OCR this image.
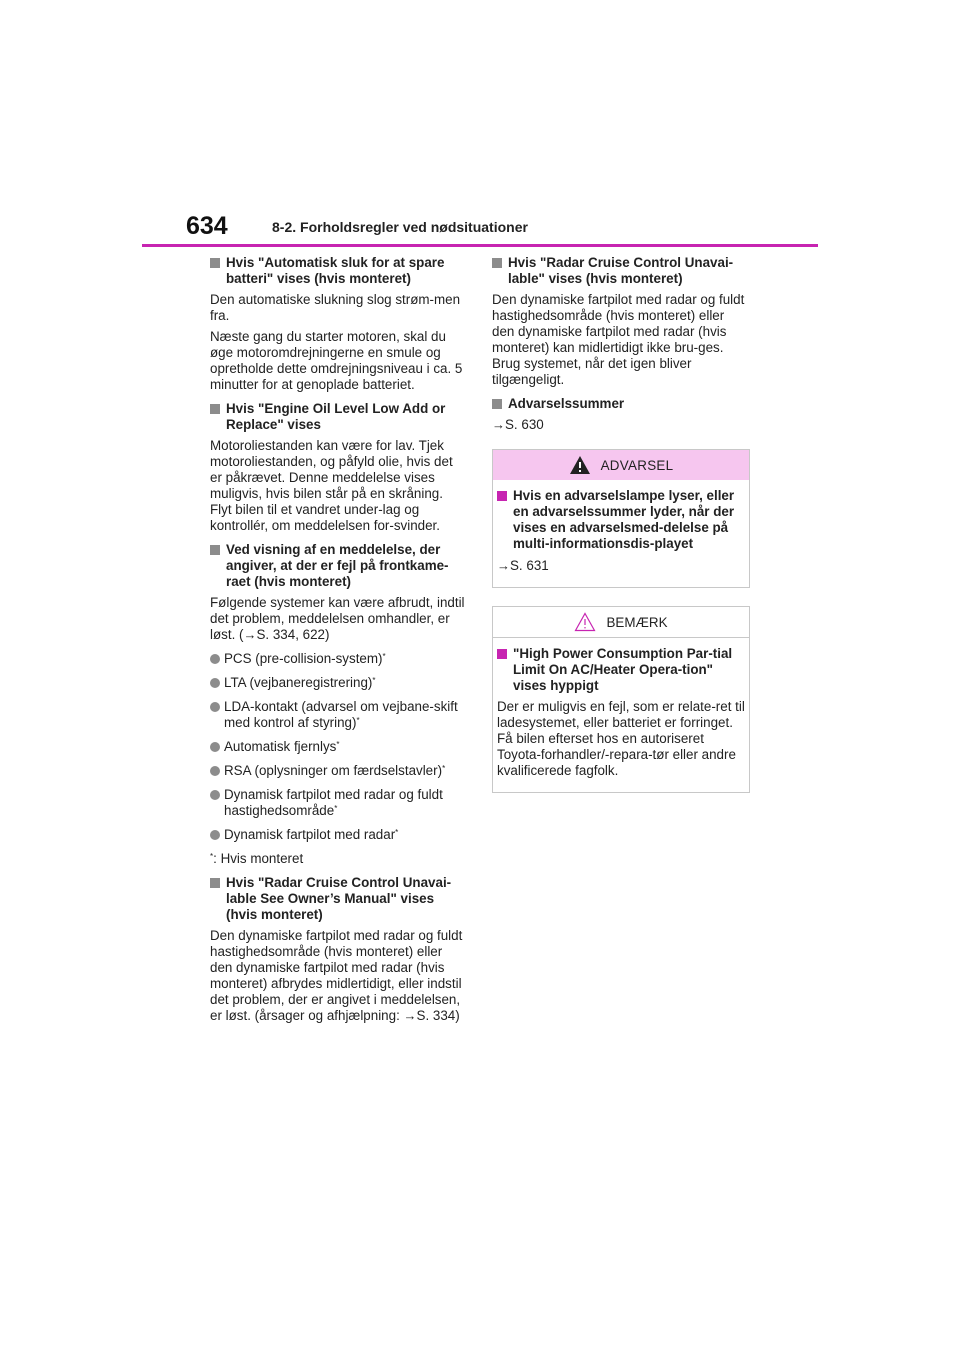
634	8-2. Forholdsregler ved nødsituationer
Hvis "Automatisk sluk for at spare batteri" vises (hvis monteret)

Den automatiske slukning slog strøm-men fra.

Næste gang du starter motoren, skal du øge motoromdrejningerne en smule og opretholde dette omdrejningsniveau i ca. 5 minutter for at genoplade batteriet.

Hvis "Engine Oil Level Low Add or Replace" vises

Motoroliestanden kan være for lav. Tjek motoroliestanden, og påfyld olie, hvis det er påkrævet. Denne meddelelse vises muligvis, hvis bilen står på en skråning. Flyt bilen til et vandret under-lag og kontrollér, om meddelelsen for-svinder.

Ved visning af en meddelelse, der angiver, at der er fejl på frontkame-raet (hvis monteret)

Følgende systemer kan være afbrudt, indtil det problem, meddelelsen omhandler, er løst. (→S. 334, 622)

PCS (pre-collision-system)*
LTA (vejbaneregistrering)*
LDA-kontakt (advarsel om vejbane-skift med kontrol af styring)*
Automatisk fjernlys*
RSA (oplysninger om færdselstavler)*
Dynamisk fartpilot med radar og fuldt hastighedsområde*
Dynamisk fartpilot med radar*

*: Hvis monteret

Hvis "Radar Cruise Control Unavai-lable See Owner’s Manual" vises (hvis monteret)

Den dynamiske fartpilot med radar og fuldt hastighedsområde (hvis monteret) eller den dynamiske fartpilot med radar (hvis monteret) afbrydes midlertidigt, eller indstil det problem, der er angivet i meddelelsen, er løst. (årsager og afhjælpning: →S. 334)

Hvis "Radar Cruise Control Unavai-lable" vises (hvis monteret)

Den dynamiske fartpilot med radar og fuldt hastighedsområde (hvis monteret) eller den dynamiske fartpilot med radar (hvis monteret) kan midlertidigt ikke bru-ges. Brug systemet, når det igen bliver tilgængeligt.

Advarselssummer

→S. 630

ADVARSEL
Hvis en advarselslampe lyser, eller en advarselssummer lyder, når der vises en advarselsmed-delelse på multi-informationsdis-playet

→S. 631

BEMÆRK
"High Power Consumption Par-tial Limit On AC/Heater Opera-tion" vises hyppigt

Der er muligvis en fejl, som er relate-ret til ladesystemet, eller batteriet er forringet. Få bilen efterset hos en autoriseret Toyota-forhandler/-repara-tør eller andre kvalificerede fagfolk.
